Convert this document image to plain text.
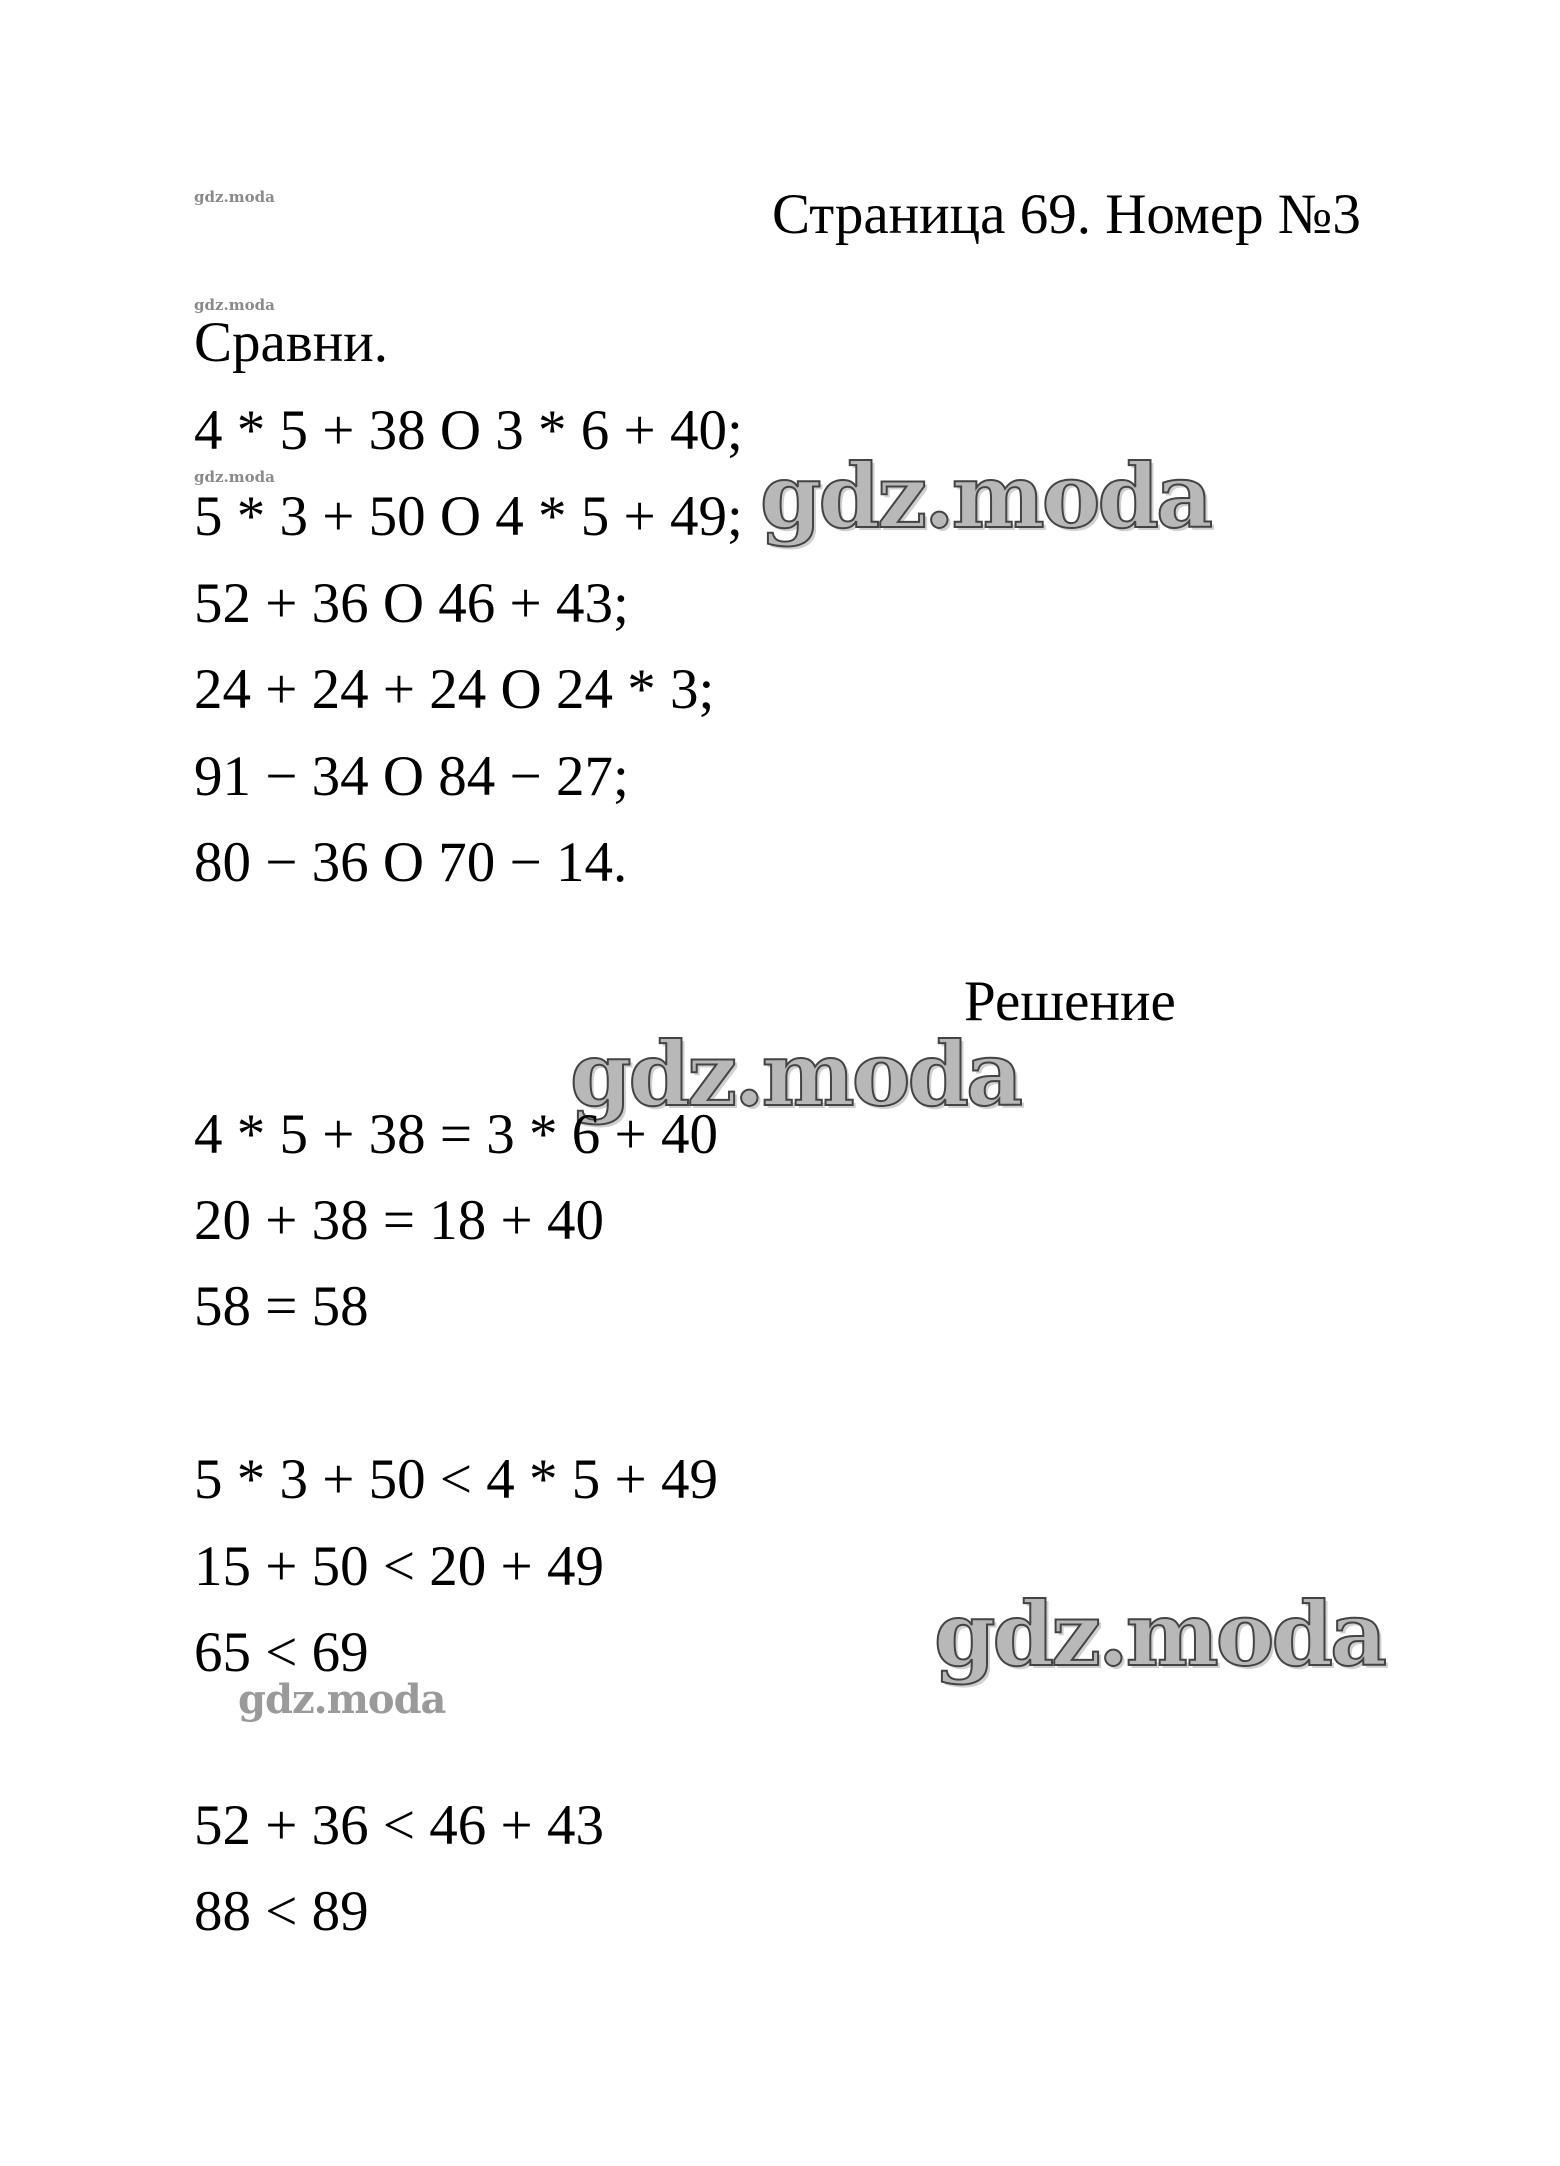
gdz.moda
gdz.moda
gdz.moda
Страница 69. Номер №3
Сравни.
4 * 5 + 38 O 3 * 6 + 40;
5 * 3 + 50 O 4 * 5 + 49;
52 + 36 O 46 + 43;
24 + 24 + 24 O 24 * 3;
91 − 34 O 84 − 27;
80 − 36 O 70 − 14.
gdz.moda
Решение
gdz.moda
4 * 5 + 38 = 3 * 6 + 40
20 + 38 = 18 + 40
58 = 58
5 * 3 + 50 < 4 * 5 + 49
15 + 50 < 20 + 49
65 < 69	gdz.moda
gdz.moda
52 + 36 < 46 + 43
88 < 89
